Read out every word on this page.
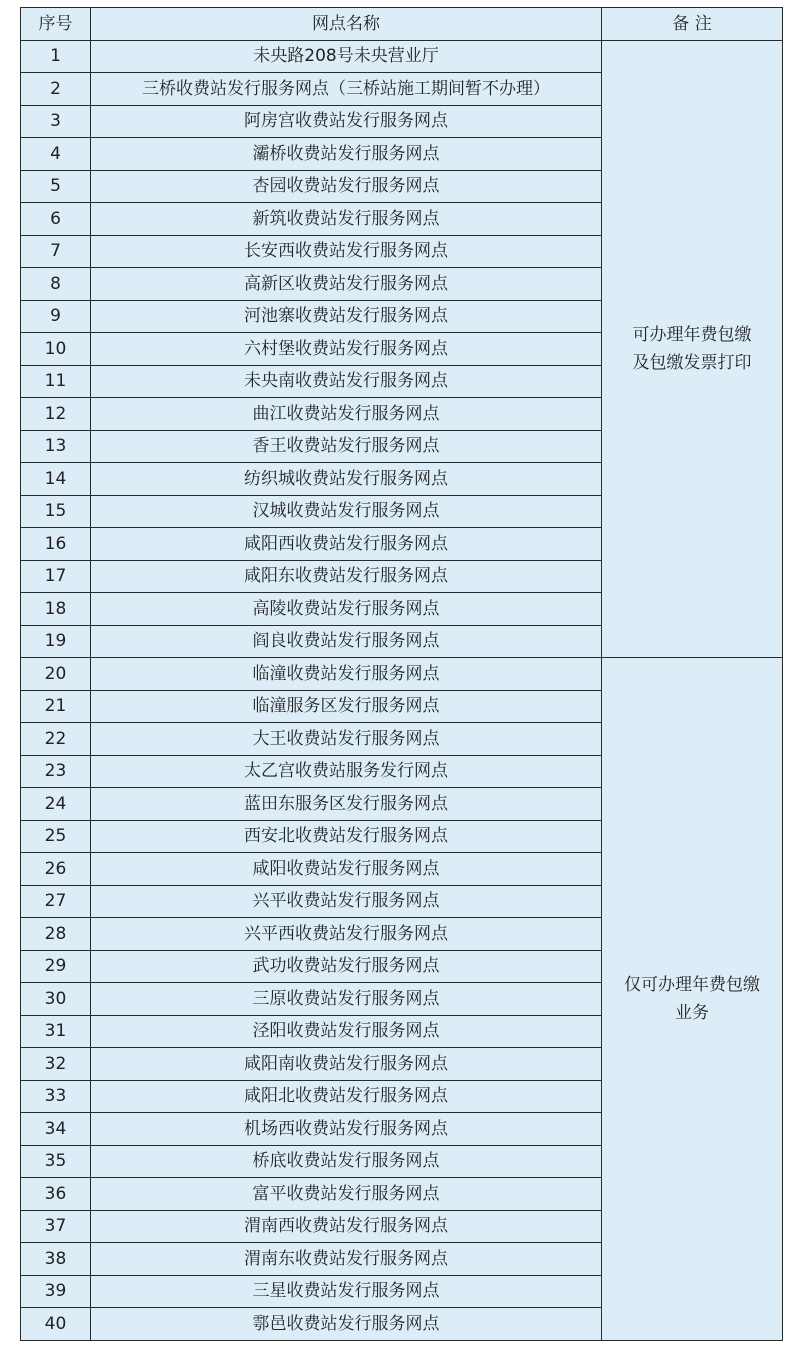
序号	网点名称	备 注
1	未央路208号未央营业厅	可办理年费包缴
及包缴发票打印

2	三桥收费站发行服务网点（三桥站施工期间暂不办理）	
3	阿房宫收费站发行服务网点	
4	灞桥收费站发行服务网点	
5	杏园收费站发行服务网点	
6	新筑收费站发行服务网点	
7	长安西收费站发行服务网点	
8	高新区收费站发行服务网点	
9	河池寨收费站发行服务网点	
10	六村堡收费站发行服务网点	
11	未央南收费站发行服务网点	
12	曲江收费站发行服务网点	
13	香王收费站发行服务网点	
14	纺织城收费站发行服务网点	
15	汉城收费站发行服务网点	
16	咸阳西收费站发行服务网点	
17	咸阳东收费站发行服务网点	
18	高陵收费站发行服务网点	
19	阎良收费站发行服务网点	
20	临潼收费站发行服务网点	仅可办理年费包缴
业务

21	临潼服务区发行服务网点	
22	大王收费站发行服务网点	
23	太乙宫收费站服务发行网点	
24	蓝田东服务区发行服务网点	
25	西安北收费站发行服务网点	
26	咸阳收费站发行服务网点	
27	兴平收费站发行服务网点	
28	兴平西收费站发行服务网点	
29	武功收费站发行服务网点	
30	三原收费站发行服务网点	
31	泾阳收费站发行服务网点	
32	咸阳南收费站发行服务网点	
33	咸阳北收费站发行服务网点	
34	机场西收费站发行服务网点	
35	桥底收费站发行服务网点	
36	富平收费站发行服务网点	
37	渭南西收费站发行服务网点	
38	渭南东收费站发行服务网点	
39	三星收费站发行服务网点	
40	鄠邑收费站发行服务网点	
